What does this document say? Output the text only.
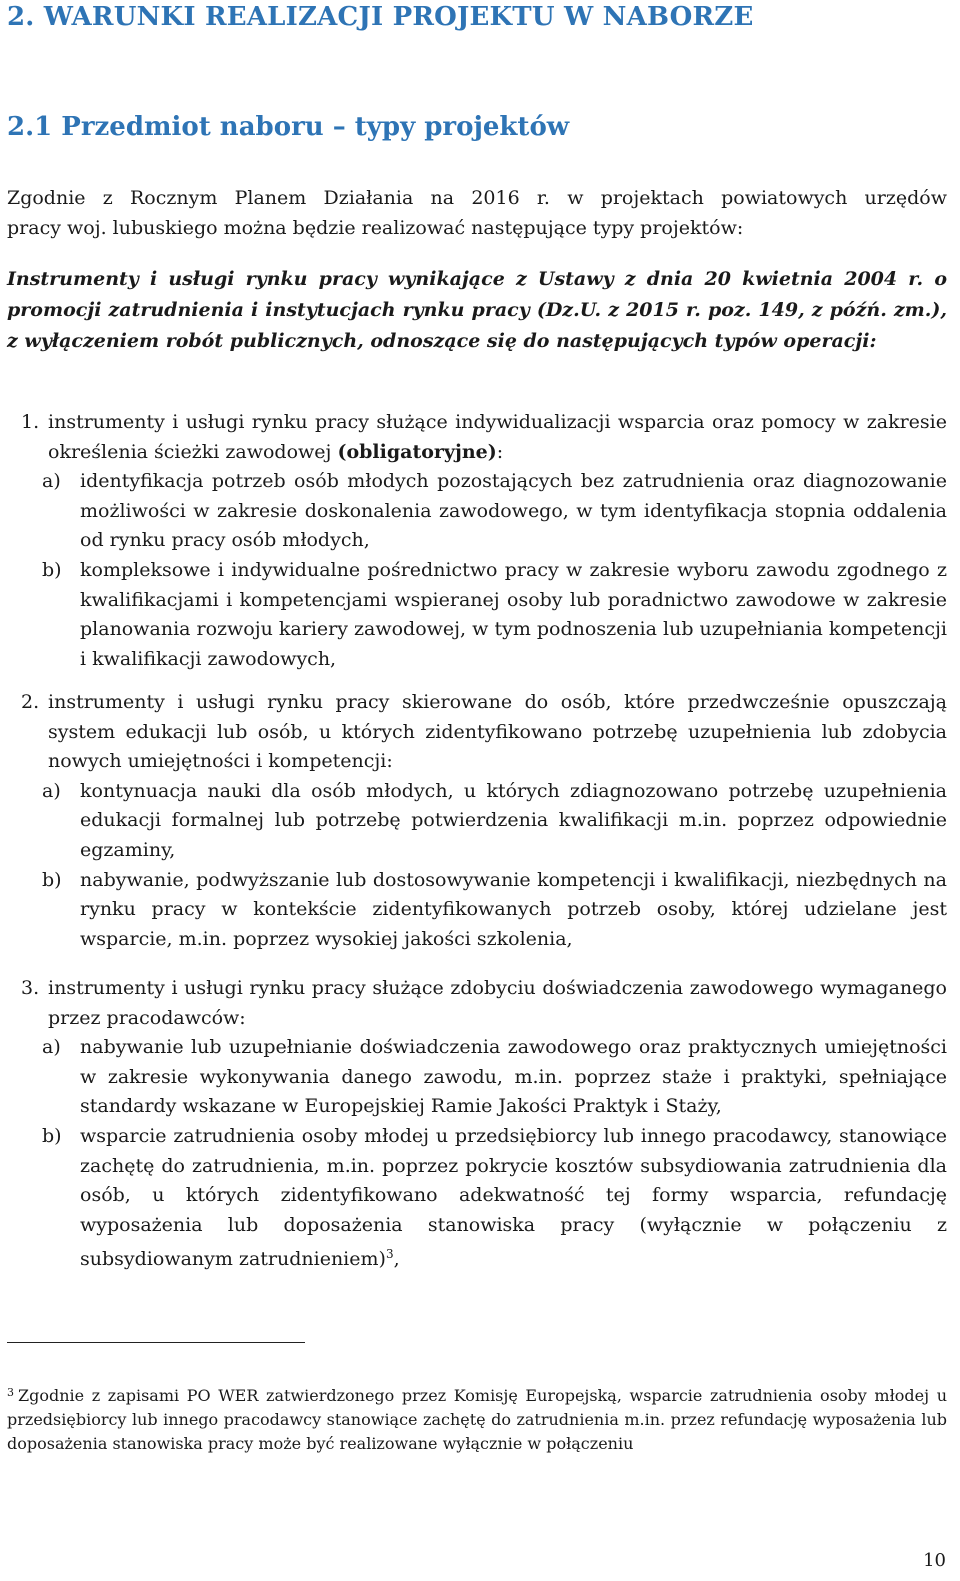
2. WARUNKI REALIZACJI PROJEKTU W NABORZE
2.1 Przedmiot naboru – typy projektów
Zgodnie z Rocznym Planem Działania na 2016 r. w projektach powiatowych urzędów
pracy woj. lubuskiego można będzie realizować następujące typy projektów:
Instrumenty i usługi rynku pracy wynikające z Ustawy z dnia 20 kwietnia 2004 r. o promocji zatrudnienia i instytucjach rynku pracy (Dz.U. z 2015 r. poz. 149, z późń. zm.), z wyłączeniem robót publicznych, odnoszące się do następujących typów operacji:
1. instrumenty i usługi rynku pracy służące indywidualizacji wsparcia oraz pomocy w zakresie określenia ścieżki zawodowej (obligatoryjne):
a) identyfikacja potrzeb osób młodych pozostających bez zatrudnienia oraz diagnozowanie możliwości w zakresie doskonalenia zawodowego, w tym identyfikacja stopnia oddalenia od rynku pracy osób młodych,
b) kompleksowe i indywidualne pośrednictwo pracy w zakresie wyboru zawodu zgodnego z kwalifikacjami i kompetencjami wspieranej osoby lub poradnictwo zawodowe w zakresie planowania rozwoju kariery zawodowej, w tym podnoszenia lub uzupełniania kompetencji i kwalifikacji zawodowych,
2. instrumenty i usługi rynku pracy skierowane do osób, które przedwcześnie opuszczają system edukacji lub osób, u których zidentyfikowano potrzebę uzupełnienia lub zdobycia nowych umiejętności i kompetencji:
a) kontynuacja nauki dla osób młodych, u których zdiagnozowano potrzebę uzupełnienia edukacji formalnej lub potrzebę potwierdzenia kwalifikacji m.in. poprzez odpowiednie egzaminy,
b) nabywanie, podwyższanie lub dostosowywanie kompetencji i kwalifikacji, niezbędnych na rynku pracy w kontekście zidentyfikowanych potrzeb osoby, której udzielane jest wsparcie, m.in. poprzez wysokiej jakości szkolenia,
3. instrumenty i usługi rynku pracy służące zdobyciu doświadczenia zawodowego wymaganego przez pracodawców:
a) nabywanie lub uzupełnianie doświadczenia zawodowego oraz praktycznych umiejętności w zakresie wykonywania danego zawodu, m.in. poprzez staże i praktyki, spełniające standardy wskazane w Europejskiej Ramie Jakości Praktyk i Staży,
b) wsparcie zatrudnienia osoby młodej u przedsiębiorcy lub innego pracodawcy, stanowiące zachętę do zatrudnienia, m.in. poprzez pokrycie kosztów subsydiowania zatrudnienia dla osób, u których zidentyfikowano adekwatność tej formy wsparcia, refundację wyposażenia lub doposażenia stanowiska pracy (wyłącznie w połączeniu z subsydiowanym zatrudnieniem)$^3$,
$^3$ Zgodnie z zapisami PO WER zatwierdzonego przez Komisję Europejską, wsparcie zatrudnienia osoby młodej u przedsiębiorcy lub innego pracodawcy stanowiące zachętę do zatrudnienia m.in. przez refundację wyposażenia lub doposażenia stanowiska pracy może być realizowane wyłącznie w połączeniu
10
